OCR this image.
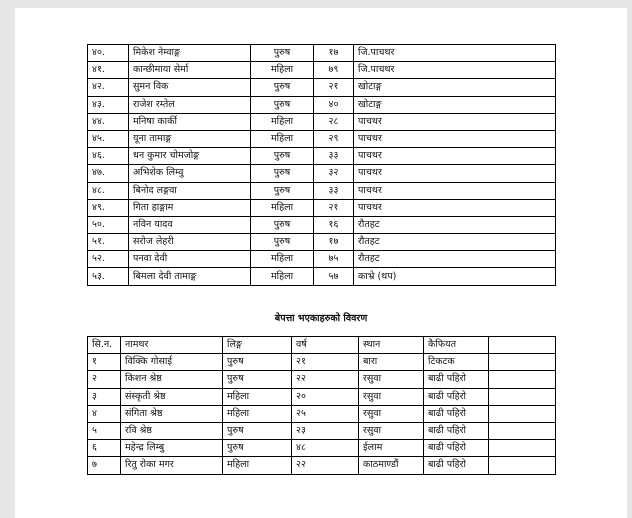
४०.	मिकेश नेम्वाङ्ग	पुरुष	१७	जि.पाचथर
४१.	कान्छीमाया सेर्मा	महिला	७९	जि.पाचथर
४२.	सुमन विक	पुरुष	२१	खोटाङ्ग
४३.	राजेश रम्तेल	पुरुष	४०	खोटाङ्ग
४४.	मनिषा कार्की	महिला	२८	पाचथर
४५.	यूना तामाङ्ग	महिला	२९	पाचथर
४६.	धन कुमार चोमजोङ्ग	पुरुष	३३	पाचथर
४७.	अभिशेक लिम्वु	पुरुष	३२	पाचथर
४८.	बिनोद लङ्गवा	पुरुष	३३	पाचथर
४९.	गिता हाङ्गाम	महिला	२१	पाचथर
५०.	नविन यादव	पुरुष	१६	रौतहट
५१.	सरोज लेहरी	पुरुष	१७	रौतहट
५२.	पनवा देवी	महिला	७५	रौतहट
५३.	बिमला देवी तामाङ्ग	महिला	५७	काभ्रे (थप)
बेपत्ता भएकाहरुको विवरण
सि.न.	नामथर	लिङ्ग	वर्ष	स्थान	कैफियत	
१	विक्कि गोसाई	पुरुष	२१	बारा	टिकटक	
२	किशन श्रेष्ठ	पुरुष	२२	रसुवा	बाढी पहिरो	
३	संस्कृती श्रेष्ठ	महिला	२०	रसुवा	बाढी पहिरो	
४	संगिता श्रेष्ठ	महिला	२५	रसुवा	बाढी पहिरो	
५	रवि श्रेष्ठ	पुरुष	२३	रसुवा	बाढी पहिरो	
६	महेन्द्र लिम्बु	पुरुष	४८	ईलाम	बाढी पहिरो	
७	रितु रोका मगर	महिला	२२	काठमाण्डौं	बाढी पहिरो	
